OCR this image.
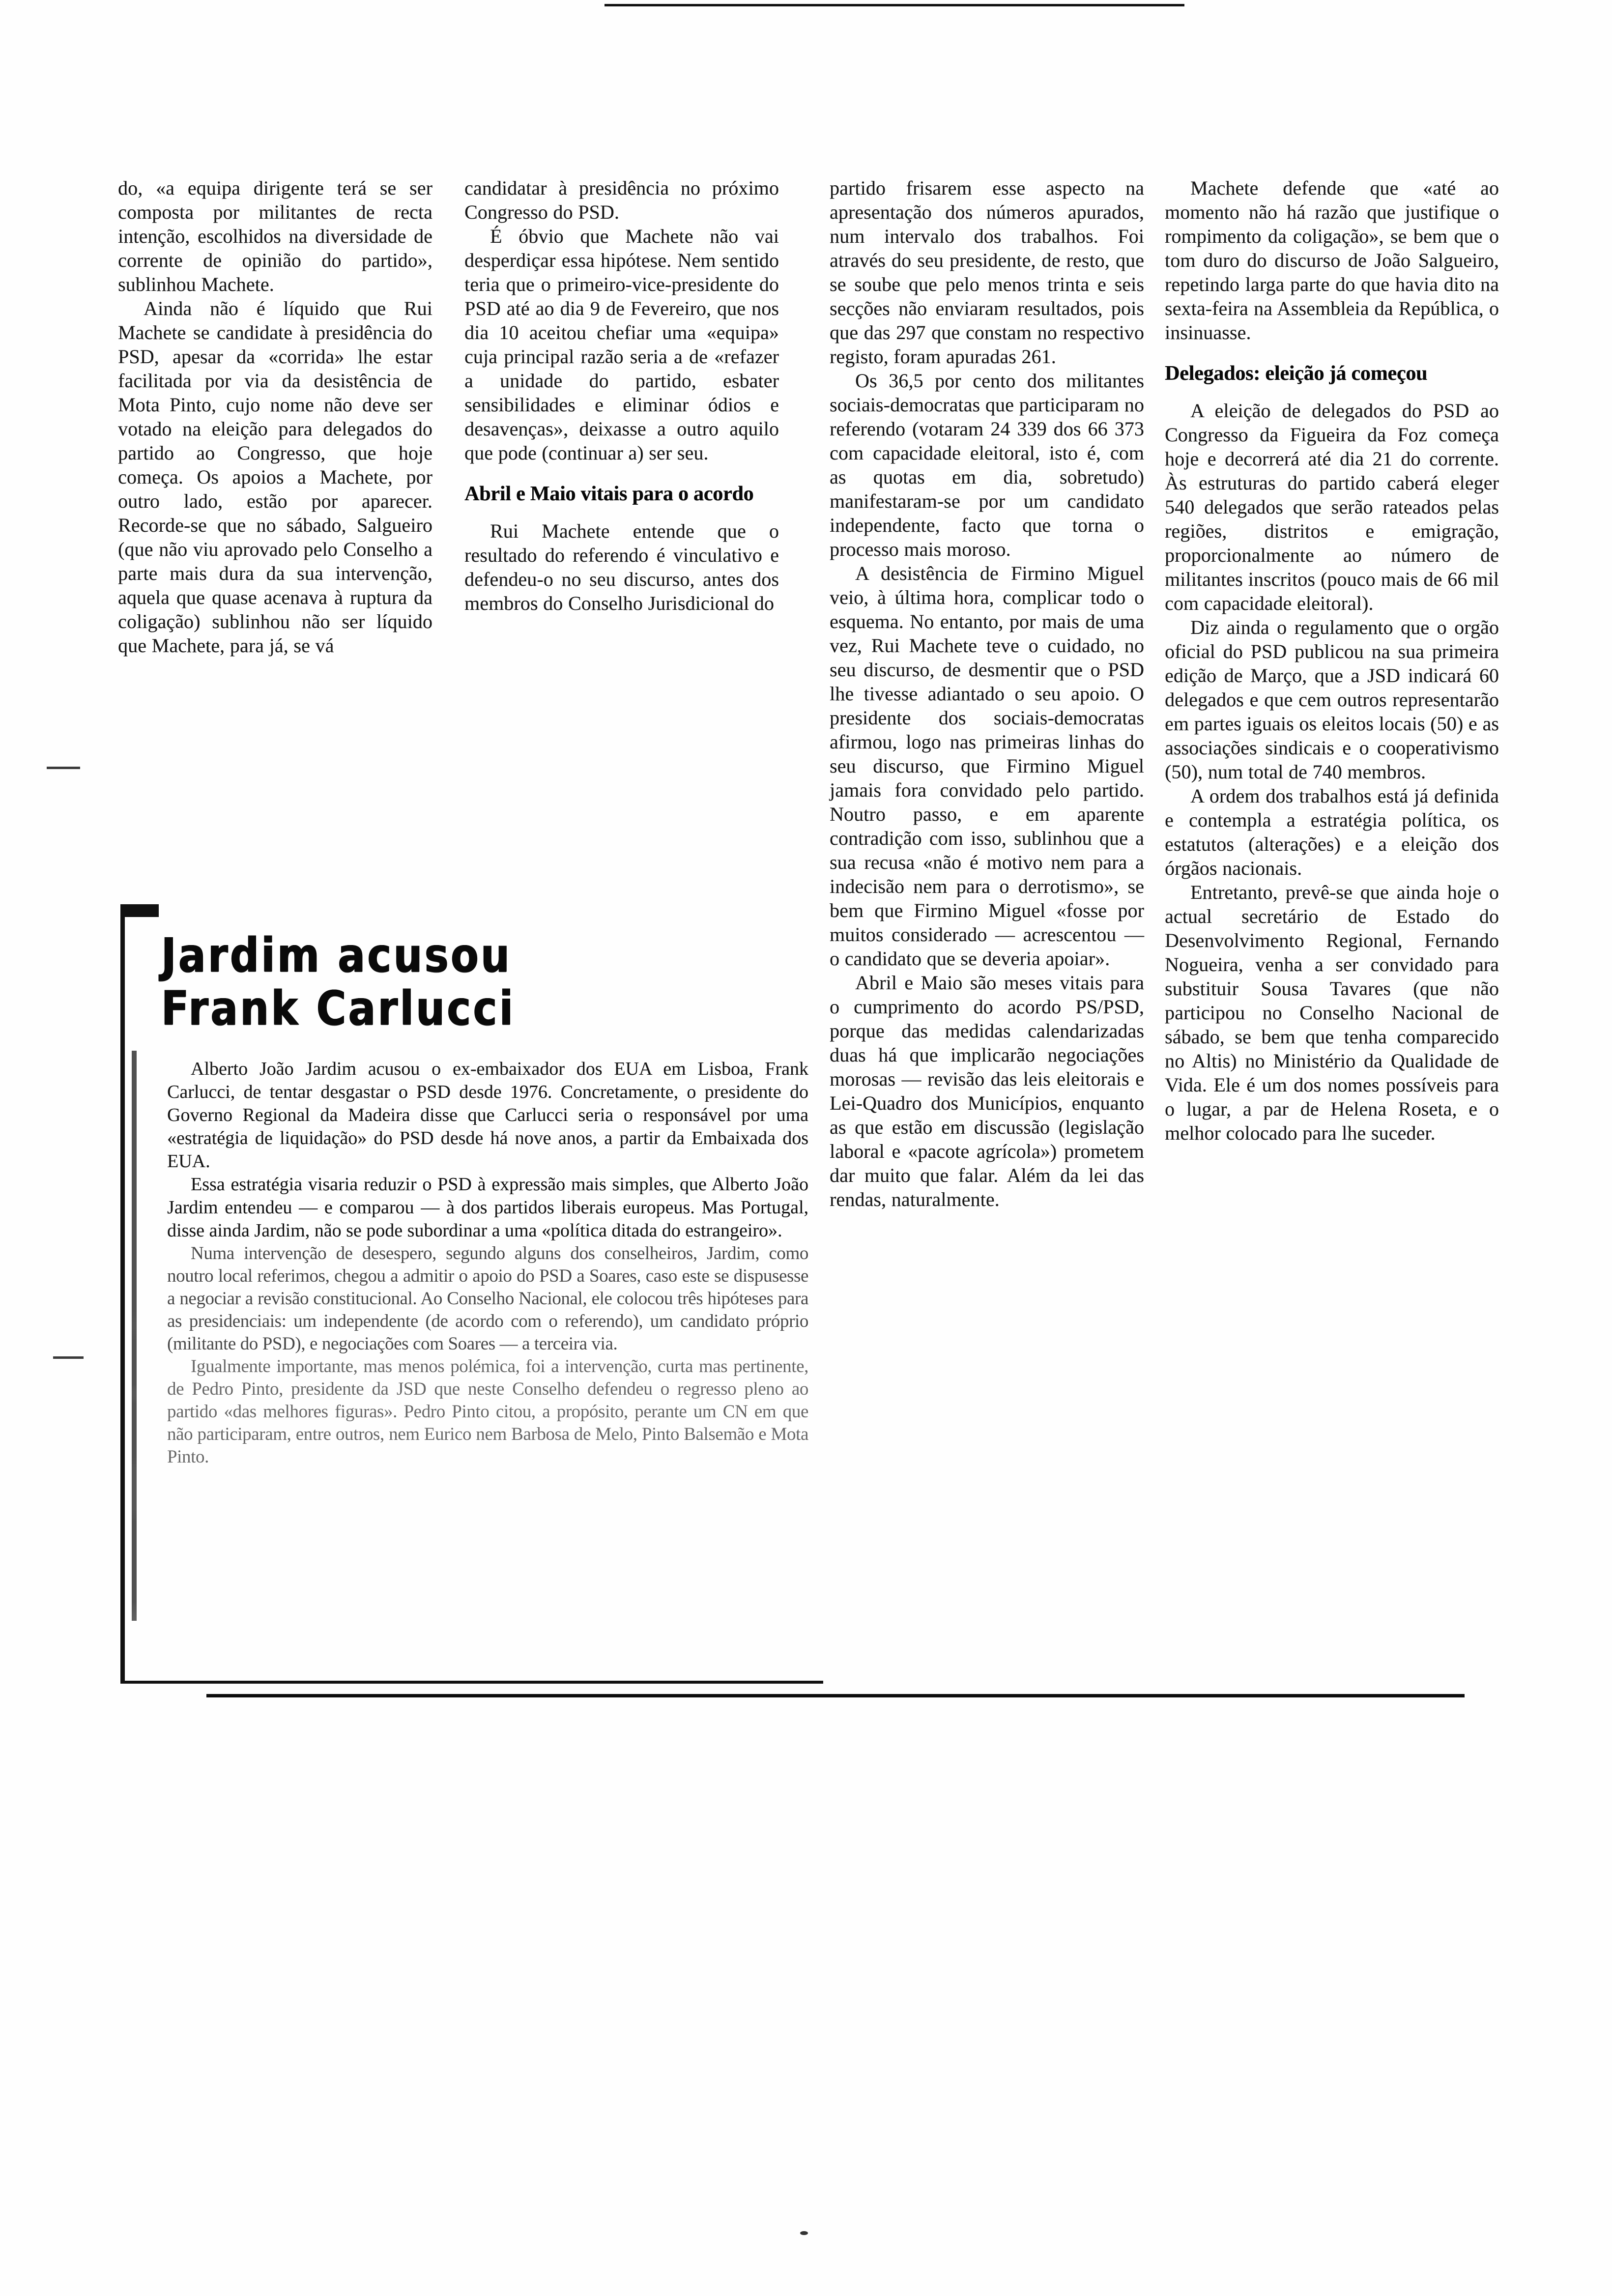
do, «a equipa dirigente terá se ser composta por militantes de recta intenção, escolhidos na diversidade de corrente de opinião do partido», sublinhou Machete.

Ainda não é líquido que Rui Machete se candidate à presidência do PSD, apesar da «corrida» lhe estar facilitada por via da desistência de Mota Pinto, cujo nome não deve ser votado na eleição para delegados do partido ao Congresso, que hoje começa. Os apoios a Machete, por outro lado, estão por aparecer. Recorde-se que no sábado, Salgueiro (que não viu aprovado pelo Conselho a parte mais dura da sua intervenção, aquela que quase acenava à ruptura da coligação) sublinhou não ser líquido que Machete, para já, se vá

candidatar à presidência no próximo Congresso do PSD.

É óbvio que Machete não vai desperdiçar essa hipótese. Nem sentido teria que o primeiro-vice-presidente do PSD até ao dia 9 de Fevereiro, que nos dia 10 aceitou chefiar uma «equipa» cuja principal razão seria a de «refazer a unidade do partido, esbater sensibilidades e eliminar ódios e desavenças», deixasse a outro aquilo que pode (continuar a) ser seu.

Abril e Maio vitais para o acordo

Rui Machete entende que o resultado do referendo é vinculativo e defendeu-o no seu discurso, antes dos membros do Conselho Jurisdicional do

partido frisarem esse aspecto na apresentação dos números apurados, num intervalo dos trabalhos. Foi através do seu presidente, de resto, que se soube que pelo menos trinta e seis secções não enviaram resultados, pois que das 297 que constam no respectivo registo, foram apuradas 261.

Os 36,5 por cento dos militantes sociais-democratas que participaram no referendo (votaram 24 339 dos 66 373 com capacidade eleitoral, isto é, com as quotas em dia, sobretudo) manifestaram-se por um candidato independente, facto que torna o processo mais moroso.

A desistência de Firmino Miguel veio, à última hora, complicar todo o esquema. No entanto, por mais de uma vez, Rui Machete teve o cuidado, no seu discurso, de desmentir que o PSD lhe tivesse adiantado o seu apoio. O presidente dos sociais-democratas afirmou, logo nas primeiras linhas do seu discurso, que Firmino Miguel jamais fora convidado pelo partido. Noutro passo, e em aparente contradição com isso, sublinhou que a sua recusa «não é motivo nem para a indecisão nem para o derrotismo», se bem que Firmino Miguel «fosse por muitos considerado — acrescentou — o candidato que se deveria apoiar».

Abril e Maio são meses vitais para o cumprimento do acordo PS/PSD, porque das medidas calendarizadas duas há que implicarão negociações morosas — revisão das leis eleitorais e Lei-Quadro dos Municípios, enquanto as que estão em discussão (legislação laboral e «pacote agrícola») prometem dar muito que falar. Além da lei das rendas, naturalmente.

Machete defende que «até ao momento não há razão que justifique o rompimento da coligação», se bem que o tom duro do discurso de João Salgueiro, repetindo larga parte do que havia dito na sexta-feira na Assembleia da República, o insinuasse.

Delegados: eleição já começou

A eleição de delegados do PSD ao Congresso da Figueira da Foz começa hoje e decorrerá até dia 21 do corrente. Às estruturas do partido caberá eleger 540 delegados que serão rateados pelas regiões, distritos e emigração, proporcionalmente ao número de militantes inscritos (pouco mais de 66 mil com capacidade eleitoral).

Diz ainda o regulamento que o orgão oficial do PSD publicou na sua primeira edição de Março, que a JSD indicará 60 delegados e que cem outros representarão em partes iguais os eleitos locais (50) e as associações sindicais e o cooperativismo (50), num total de 740 membros.

A ordem dos trabalhos está já definida e contempla a estratégia política, os estatutos (alterações) e a eleição dos órgãos nacionais.

Entretanto, prevê-se que ainda hoje o actual secretário de Estado do Desenvolvimento Regional, Fernando Nogueira, venha a ser convidado para substituir Sousa Tavares (que não participou no Conselho Nacional de sábado, se bem que tenha comparecido no Altis) no Ministério da Qualidade de Vida. Ele é um dos nomes possíveis para o lugar, a par de Helena Roseta, e o melhor colocado para lhe suceder.

Jardim acusou
Frank Carlucci

Alberto João Jardim acusou o ex-embaixador dos EUA em Lisboa, Frank Carlucci, de tentar desgastar o PSD desde 1976. Concretamente, o presidente do Governo Regional da Madeira disse que Carlucci seria o responsável por uma «estratégia de liquidação» do PSD desde há nove anos, a partir da Embaixada dos EUA.

Essa estratégia visaria reduzir o PSD à expressão mais simples, que Alberto João Jardim entendeu — e comparou — à dos partidos liberais europeus. Mas Portugal, disse ainda Jardim, não se pode subordinar a uma «política ditada do estrangeiro».

Numa intervenção de desespero, segundo alguns dos conselheiros, Jardim, como noutro local referimos, chegou a admitir o apoio do PSD a Soares, caso este se dispusesse a negociar a revisão constitucional. Ao Conselho Nacional, ele colocou três hipóteses para as presidenciais: um independente (de acordo com o referendo), um candidato próprio (militante do PSD), e negociações com Soares — a terceira via.

Igualmente importante, mas menos polémica, foi a intervenção, curta mas pertinente, de Pedro Pinto, presidente da JSD que neste Conselho defendeu o regresso pleno ao partido «das melhores figuras». Pedro Pinto citou, a propósito, perante um CN em que não participaram, entre outros, nem Eurico nem Barbosa de Melo, Pinto Balsemão e Mota Pinto.
